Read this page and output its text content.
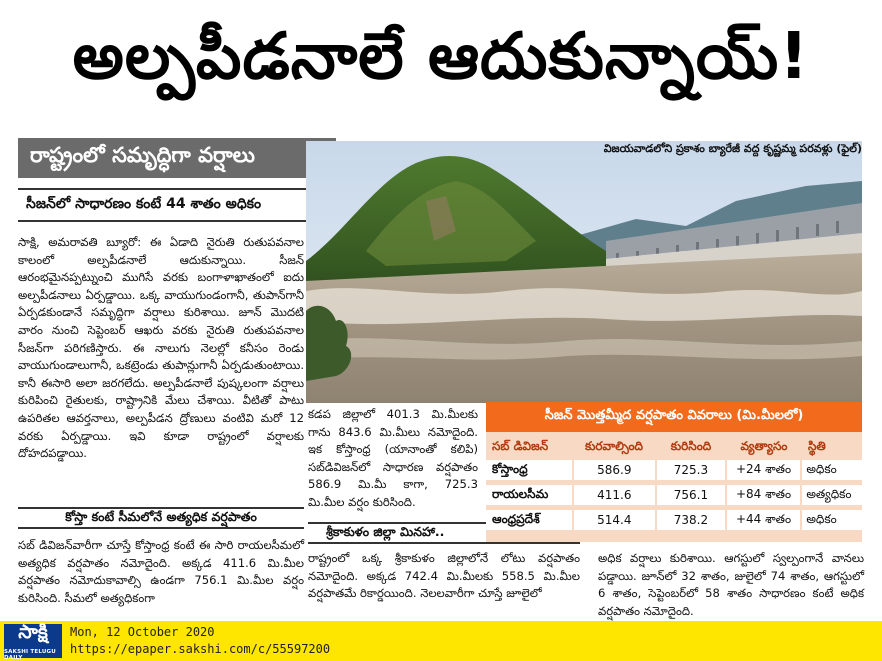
అల్పపీడనాలే ఆదుకున్నాయ్!
రాష్ట్రంలో సమృద్ధిగా వర్షాలు
సీజన్‌లో సాధారణం కంటే 44 శాతం అధికం
విజయవాడలోని ప్రకాశం బ్యారేజీ వద్ద కృష్ణమ్మ పరవళ్లు (ఫైల్)
సాక్షి, అమరావతి బ్యూరో: ఈ ఏడాది నైరుతి రుతుపవనాల కాలంలో అల్పపీడనాలే ఆదుకున్నాయి. సీజన్ ఆరంభమైనప్పట్నుంచి ముగిసే వరకు బంగాళాఖాతంలో ఐదు అల్పపీడనాలు ఏర్పడ్డాయి. ఒక్క వాయుగుండంగానీ, తుపాన్‌గానీ ఏర్పడకుండానే సమృద్ధిగా వర్షాలు కురిశాయి. జూన్ మొదటి వారం నుంచి సెప్టెంబర్ ఆఖరు వరకు నైరుతి రుతుపవనాల సీజన్‌గా పరిగణిస్తారు. ఈ నాలుగు నెలల్లో కనీసం రెండు వాయుగుండాలుగానీ, ఒకట్రెండు తుపాన్లుగానీ ఏర్పడుతుంటాయి. కానీ ఈసారి అలా జరగలేదు. అల్పపీడనాలే పుష్కలంగా వర్షాలు కురిపించి రైతులకు, రాష్ట్రానికి మేలు చేశాయి. వీటితో పాటు ఉపరితల ఆవర్తనాలు, అల్పపీడన ద్రోణులు వంటివి మరో 12 వరకు ఏర్పడ్డాయి. ఇవి కూడా రాష్ట్రంలో వర్షాలకు దోహదపడ్డాయి.
కోస్తా కంటే సీమలోనే అత్యధిక వర్షపాతం
సబ్ డివిజన్‌వారీగా చూస్తే కోస్తాంధ్ర కంటే ఈ సారి రాయలసీమలో అత్యధిక వర్షపాతం నమోదైంది. అక్కడ 411.6 మి.మీల వర్షపాతం నమోదుకావాల్సి ఉండగా 756.1 మి.మీల వర్షం కురిసింది. సీమలో అత్యధికంగా
కడప జిల్లాలో 401.3 మి.మీలకు గాను 843.6 మి.మీలు నమోదైంది. ఇక కోస్తాంధ్ర (యానాంతో కలిపి) సబ్‌డివిజన్‌లో సాధారణ వర్షపాతం 586.9 మి.మీ కాగా, 725.3 మి.మీల వర్షం కురిసింది.
శ్రీకాకుళం జిల్లా మినహా..
రాష్ట్రంలో ఒక్క శ్రీకాకుళం జిల్లాలోనే లోటు వర్షపాతం నమోదైంది. అక్కడ 742.4 మి.మీలకు 558.5 మి.మీల వర్షపాతమే రికార్డయింది. నెలలవారీగా చూస్తే జూలైలో
అధిక వర్షాలు కురిశాయి. ఆగస్టులో స్వల్పంగానే వానలు పడ్డాయి. జూన్‌లో 32 శాతం, జులైలో 74 శాతం, ఆగస్టులో 6 శాతం, సెప్టెంబర్‌లో 58 శాతం సాధారణం కంటే అధిక వర్షపాతం నమోదైంది.
సీజన్ మొత్తమ్మీద వర్షపాతం వివరాలు (మి.మీలలో)
సబ్ డివిజన్	కురవాల్సింది	కురిసింది	వ్యత్యాసం	స్థితి
కోస్తాంధ్ర	586.9	725.3	+24 శాతం	అధికం
రాయలసీమ	411.6	756.1	+84 శాతం	అత్యధికం
ఆంధ్రప్రదేశ్	514.4	738.2	+44 శాతం	అధికం
సాక్షి
SAKSHI TELUGU DAILY
Mon, 12 October 2020
https://epaper.sakshi.com/c/55597200
